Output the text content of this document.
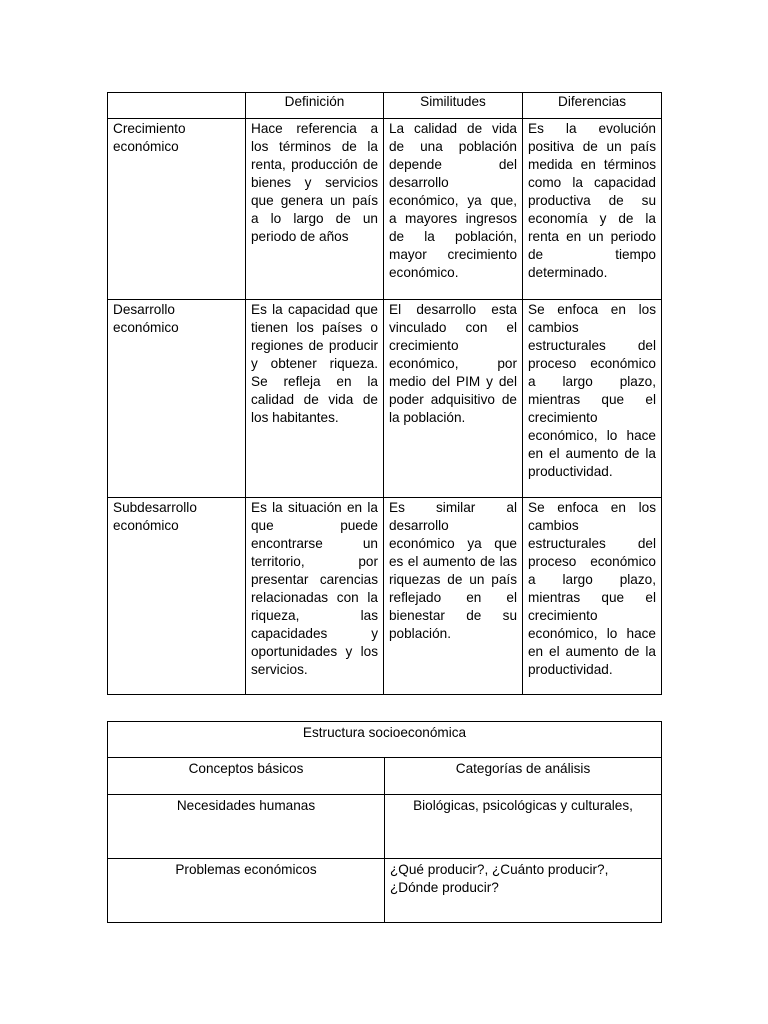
	Definición	Similitudes	Diferencias
Crecimiento económico	Hace referencia a los términos de la renta, producción de bienes y servicios que genera un país a lo largo de un periodo de años	La calidad de vida de una población depende del desarrollo económico, ya que, a mayores ingresos de la población, mayor crecimiento económico.	Es la evolución positiva de un país medida en términos como la capacidad productiva de su economía y de la renta en un periodo de tiempo determinado.
Desarrollo económico	Es la capacidad que tienen los países o regiones de producir y obtener riqueza. Se refleja en la calidad de vida de los habitantes.	El desarrollo esta vinculado con el crecimiento económico, por medio del PIM y del poder adquisitivo de la población.	Se enfoca en los cambios estructurales del proceso económico a largo plazo, mientras que el crecimiento económico, lo hace en el aumento de la productividad.
Subdesarrollo económico	Es la situación en la que puede encontrarse un territorio, por presentar carencias relacionadas con la riqueza, las capacidades y oportunidades y los servicios.	Es similar al desarrollo económico ya que es el aumento de las riquezas de un país reflejado en el bienestar de su población.	Se enfoca en los cambios estructurales del proceso económico a largo plazo, mientras que el crecimiento económico, lo hace en el aumento de la productividad.
Estructura socioeconómica	
Conceptos básicos	Categorías de análisis
Necesidades humanas	Biológicas, psicológicas y culturales,
Problemas económicos	¿Qué producir?, ¿Cuánto producir?, ¿Dónde producir?
